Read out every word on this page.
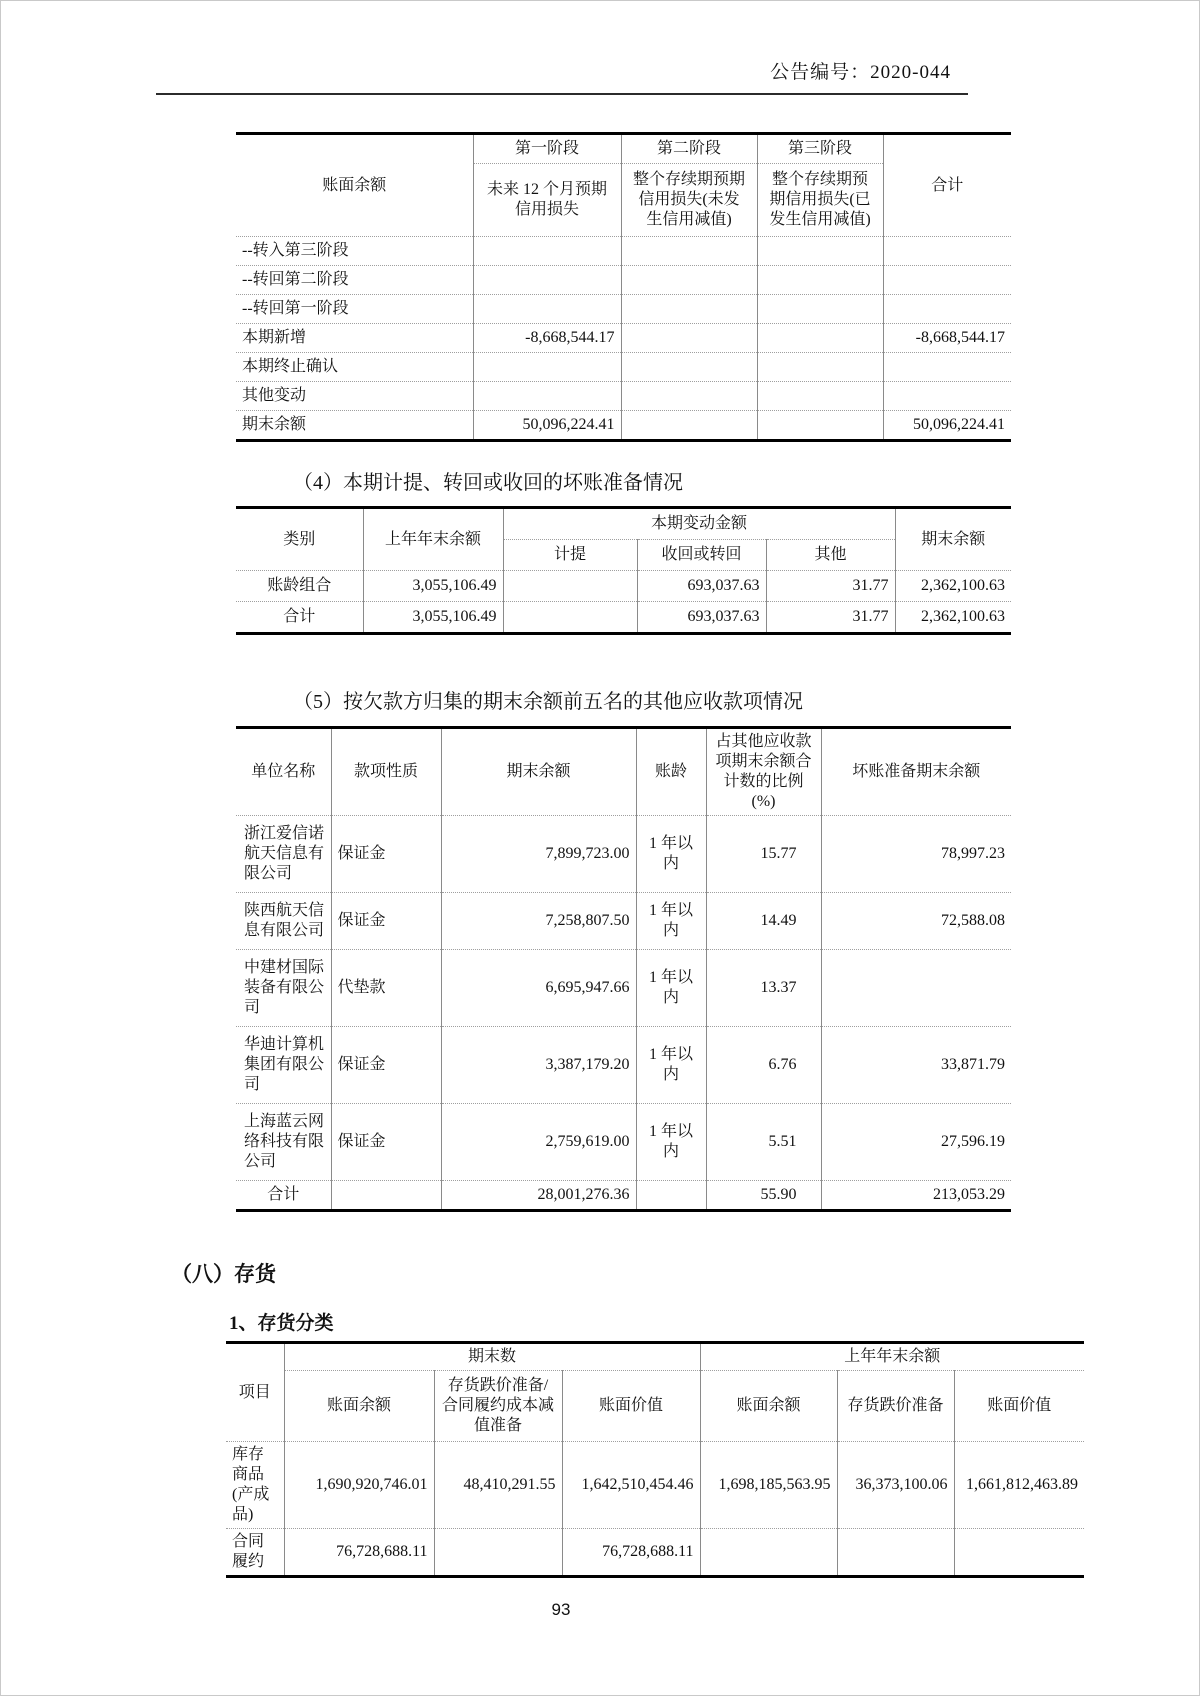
公告编号：2020-044
账面余额	第一阶段	第二阶段	第三阶段	合计
	未来 12 个月预期信用损失	整个存续期预期信用损失(未发生信用减值)	整个存续期预期信用损失(已发生信用减值)	
--转入第三阶段				
--转回第二阶段				
--转回第一阶段				
本期新增	-8,668,544.17			-8,668,544.17
本期终止确认				
其他变动				
期末余额	50,096,224.41			50,096,224.41
（4）本期计提、转回或收回的坏账准备情况
类别	上年年末余额	本期变动金额			期末余额
		计提	收回或转回	其他	
账龄组合	3,055,106.49		693,037.63	31.77	2,362,100.63
合计	3,055,106.49		693,037.63	31.77	2,362,100.63
（5）按欠款方归集的期末余额前五名的其他应收款项情况
单位名称	款项性质	期末余额	账龄	占其他应收款项期末余额合计数的比例(%)	坏账准备期末余额
浙江爱信诺航天信息有限公司	保证金	7,899,723.00	1 年以内	15.77	78,997.23
陕西航天信息有限公司	保证金	7,258,807.50	1 年以内	14.49	72,588.08
中建材国际装备有限公司	代垫款	6,695,947.66	1 年以内	13.37	
华迪计算机集团有限公司	保证金	3,387,179.20	1 年以内	6.76	33,871.79
上海蓝云网络科技有限公司	保证金	2,759,619.00	1 年以内	5.51	27,596.19
合计		28,001,276.36		55.90	213,053.29
（八）存货
1、存货分类
项目	期末数			上年年末余额		
	账面余额	存货跌价准备/合同履约成本减值准备	账面价值	账面余额	存货跌价准备	账面价值
库存商品(产成品)	1,690,920,746.01	48,410,291.55	1,642,510,454.46	1,698,185,563.95	36,373,100.06	1,661,812,463.89
合同履约	76,728,688.11		76,728,688.11			
93
